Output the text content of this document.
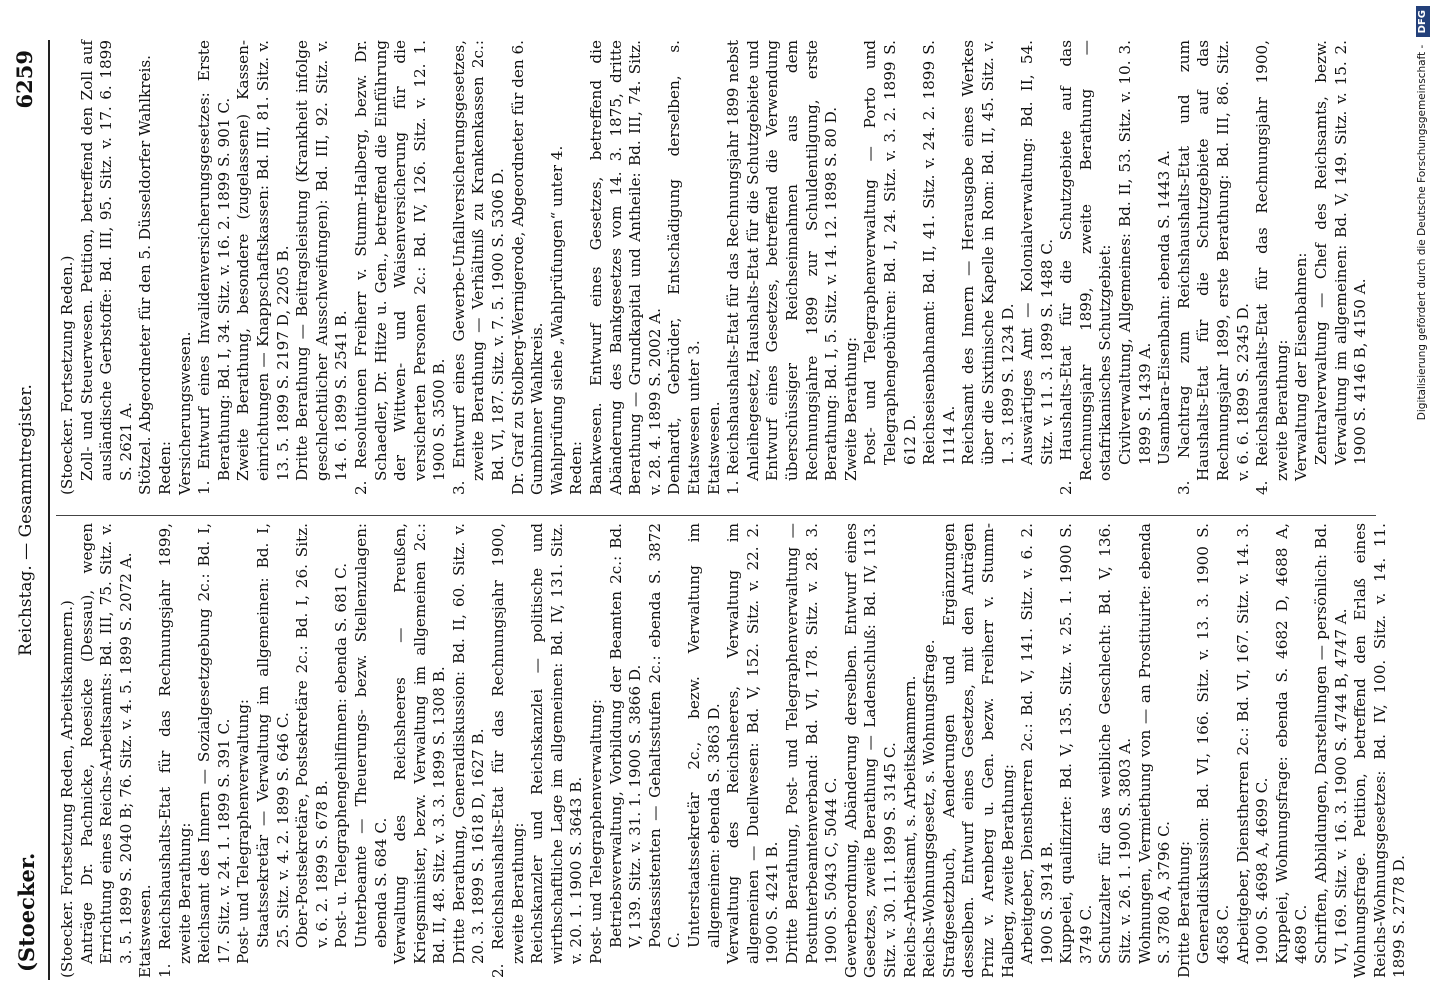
(Stoecker.
Reichstag. — Gesammtregister.
6259

(Stoecker. Fortsetzung Reden, Arbeitskammern.) Anträge Dr. Pachnicke, Roesicke (Dessau), wegen Errichtung eines Reichs-Arbeitsamts: Bd. III, 75. Sitz. v. 3. 5. 1899 S. 2040 B; 76. Sitz. v. 4. 5. 1899 S. 2072 A. Etatswesen. 1. Reichshaushalts-Etat für das Rechnungsjahr 1899, zweite Berathung: Reichsamt des Innern — Sozialgesetzgebung 2c.: Bd. I, 17. Sitz. v. 24. 1. 1899 S. 391 C. Post- und Telegraphenverwaltung: Staatssekretär — Verwaltung im allgemeinen: Bd. I, 25. Sitz. v. 4. 2. 1899 S. 646 C. Ober-Postsekretäre, Postsekretäre 2c.: Bd. I, 26. Sitz. v. 6. 2. 1899 S. 678 B. Post- u. Telegraphengehilfinnen: ebenda S. 681 C. Unterbeamte — Theuerungs- bezw. Stellenzulagen: ebenda S. 684 C. Verwaltung des Reichsheeres — Preußen, Kriegsminister, bezw. Verwaltung im allgemeinen 2c.: Bd. II, 48. Sitz. v. 3. 3. 1899 S. 1308 B. Dritte Berathung, Generaldiskussion: Bd. II, 60. Sitz. v. 20. 3. 1899 S. 1618 D, 1627 B. 2. Reichshaushalts-Etat für das Rechnungsjahr 1900, zweite Berathung: Reichskanzler und Reichskanzlei — politische und wirthschaftliche Lage im allgemeinen: Bd. IV, 131. Sitz. v. 20. 1. 1900 S. 3643 B. Post- und Telegraphenverwaltung: Betriebsverwaltung, Vorbildung der Beamten 2c.: Bd. V, 139. Sitz. v. 31. 1. 1900 S. 3866 D. Postassistenten — Gehaltsstufen 2c.: ebenda S. 3872 C. Unterstaatssekretär 2c., bezw. Verwaltung im allgemeinen: ebenda S. 3863 D. Verwaltung des Reichsheeres, Verwaltung im allgemeinen — Duellwesen: Bd. V, 152. Sitz. v. 22. 2. 1900 S. 4241 B. Dritte Berathung, Post- und Telegraphenverwaltung — Postunterbeamtenverband: Bd. VI, 178. Sitz. v. 28. 3. 1900 S. 5043 C, 5044 C. Gewerbeordnung, Abänderung derselben. Entwurf eines Gesetzes, zweite Berathung — Ladenschluß: Bd. IV, 113. Sitz. v. 30. 11. 1899 S. 3145 C. Reichs-Arbeitsamt, s. Arbeitskammern. Reichs-Wohnungsgesetz, s. Wohnungsfrage. Strafgesetzbuch, Aenderungen und Ergänzungen desselben. Entwurf eines Gesetzes, mit den Anträgen Prinz v. Arenberg u. Gen. bezw. Freiherr v. Stumm-Halberg, zweite Berathung: Arbeitgeber, Dienstherren 2c.: Bd. V, 141. Sitz. v. 6. 2. 1900 S. 3914 B. Kuppelei, qualifizirte: Bd. V, 135. Sitz. v. 25. 1. 1900 S. 3749 C. Schutzalter für das weibliche Geschlecht: Bd. V, 136. Sitz. v. 26. 1. 1900 S. 3803 A. Wohnungen, Vermiethung von — an Prostituirte: ebenda S. 3780 A, 3796 C. Dritte Berathung: Generaldiskussion: Bd. VI, 166. Sitz. v. 13. 3. 1900 S. 4658 C. Arbeitgeber, Dienstherren 2c.: Bd. VI, 167. Sitz. v. 14. 3. 1900 S. 4698 A, 4699 C. Kuppelei, Wohnungsfrage: ebenda S. 4682 D, 4688 A, 4689 C. Schriften, Abbildungen, Darstellungen — persönlich: Bd. VI, 169. Sitz. v. 16. 3. 1900 S. 4744 B, 4747 A. Wohnungsfrage. Petition, betreffend den Erlaß eines Reichs-Wohnungsgesetzes: Bd. IV, 100. Sitz. v. 14. 11. 1899 S. 2778 D.

(Stoecker. Fortsetzung Reden.) Zoll- und Steuerwesen. Petition, betreffend den Zoll auf ausländische Gerbstoffe: Bd. III, 95. Sitz. v. 17. 6. 1899 S. 2621 A. Stötzel. Abgeordneter für den 5. Düsseldorfer Wahlkreis. Reden: Versicherungswesen. 1. Entwurf eines Invalidenversicherungsgesetzes: Erste Berathung: Bd. I, 34. Sitz. v. 16. 2. 1899 S. 901 C. Zweite Berathung, besondere (zugelassene) Kassen- einrichtungen — Knappschaftskassen: Bd. III, 81. Sitz. v. 13. 5. 1899 S. 2197 D, 2205 B. Dritte Berathung — Beitragsleistung (Krankheit infolge geschlechtlicher Ausschweifungen): Bd. III, 92. Sitz. v. 14. 6. 1899 S. 2541 B. 2. Resolutionen Freiherr v. Stumm-Halberg, bezw. Dr. Schaedler, Dr. Hitze u. Gen., betreffend die Einführung der Wittwen- und Waisenversicherung für die versicherten Personen 2c.: Bd. IV, 126. Sitz. v. 12. 1. 1900 S. 3500 B. 3. Entwurf eines Gewerbe-Unfallversicherungsgesetzes, zweite Berathung — Verhältniß zu Krankenkassen 2c.: Bd. VI, 187. Sitz. v. 7. 5. 1900 S. 5306 D. Dr. Graf zu Stolberg-Wernigerode, Abgeordneter für den 6. Gumbinner Wahlkreis. Wahlprüfung siehe „Wahlprüfungen“ unter 4. Reden: Bankwesen. Entwurf eines Gesetzes, betreffend die Abänderung des Bankgesetzes vom 14. 3. 1875, dritte Berathung — Grundkapital und Antheile: Bd. III, 74. Sitz. v. 28. 4. 1899 S. 2002 A. Denhardt, Gebrüder, Entschädigung derselben, s. Etatswesen unter 3. Etatswesen. 1. Reichshaushalts-Etat für das Rechnungsjahr 1899 nebst Anleihegesetz, Haushalts-Etat für die Schutzgebiete und Entwurf eines Gesetzes, betreffend die Verwendung überschüssiger Reichseinnahmen aus dem Rechnungsjahre 1899 zur Schuldentilgung, erste Berathung: Bd. I, 5. Sitz. v. 14. 12. 1898 S. 80 D. Zweite Berathung: Post- und Telegraphenverwaltung — Porto und Telegraphengebühren: Bd. I, 24. Sitz. v. 3. 2. 1899 S. 612 D. Reichseisenbahnamt: Bd. II, 41. Sitz. v. 24. 2. 1899 S. 1114 A. Reichsamt des Innern — Herausgabe eines Werkes über die Sixtinische Kapelle in Rom: Bd. II, 45. Sitz. v. 1. 3. 1899 S. 1234 D. Auswärtiges Amt — Kolonialverwaltung: Bd. II, 54. Sitz. v. 11. 3. 1899 S. 1488 C. 2. Haushalts-Etat für die Schutzgebiete auf das Rechnungsjahr 1899, zweite Berathung — ostafrikanisches Schutzgebiet: Civilverwaltung, Allgemeines: Bd. II, 53. Sitz. v. 10. 3. 1899 S. 1439 A. Usambara-Eisenbahn: ebenda S. 1443 A. 3. Nachtrag zum Reichshaushalts-Etat und zum Haushalts-Etat für die Schutzgebiete auf das Rechnungsjahr 1899, erste Berathung: Bd. III, 86. Sitz. v. 6. 6. 1899 S. 2345 D. 4. Reichshaushalts-Etat für das Rechnungsjahr 1900, zweite Berathung: Verwaltung der Eisenbahnen: Zentralverwaltung — Chef des Reichsamts, bezw. Verwaltung im allgemeinen: Bd. V, 149. Sitz. v. 15. 2. 1900 S. 4146 B, 4150 A.	Digitalisierung gefördert durch die Deutsche Forschungsgemeinschaft - DFG
